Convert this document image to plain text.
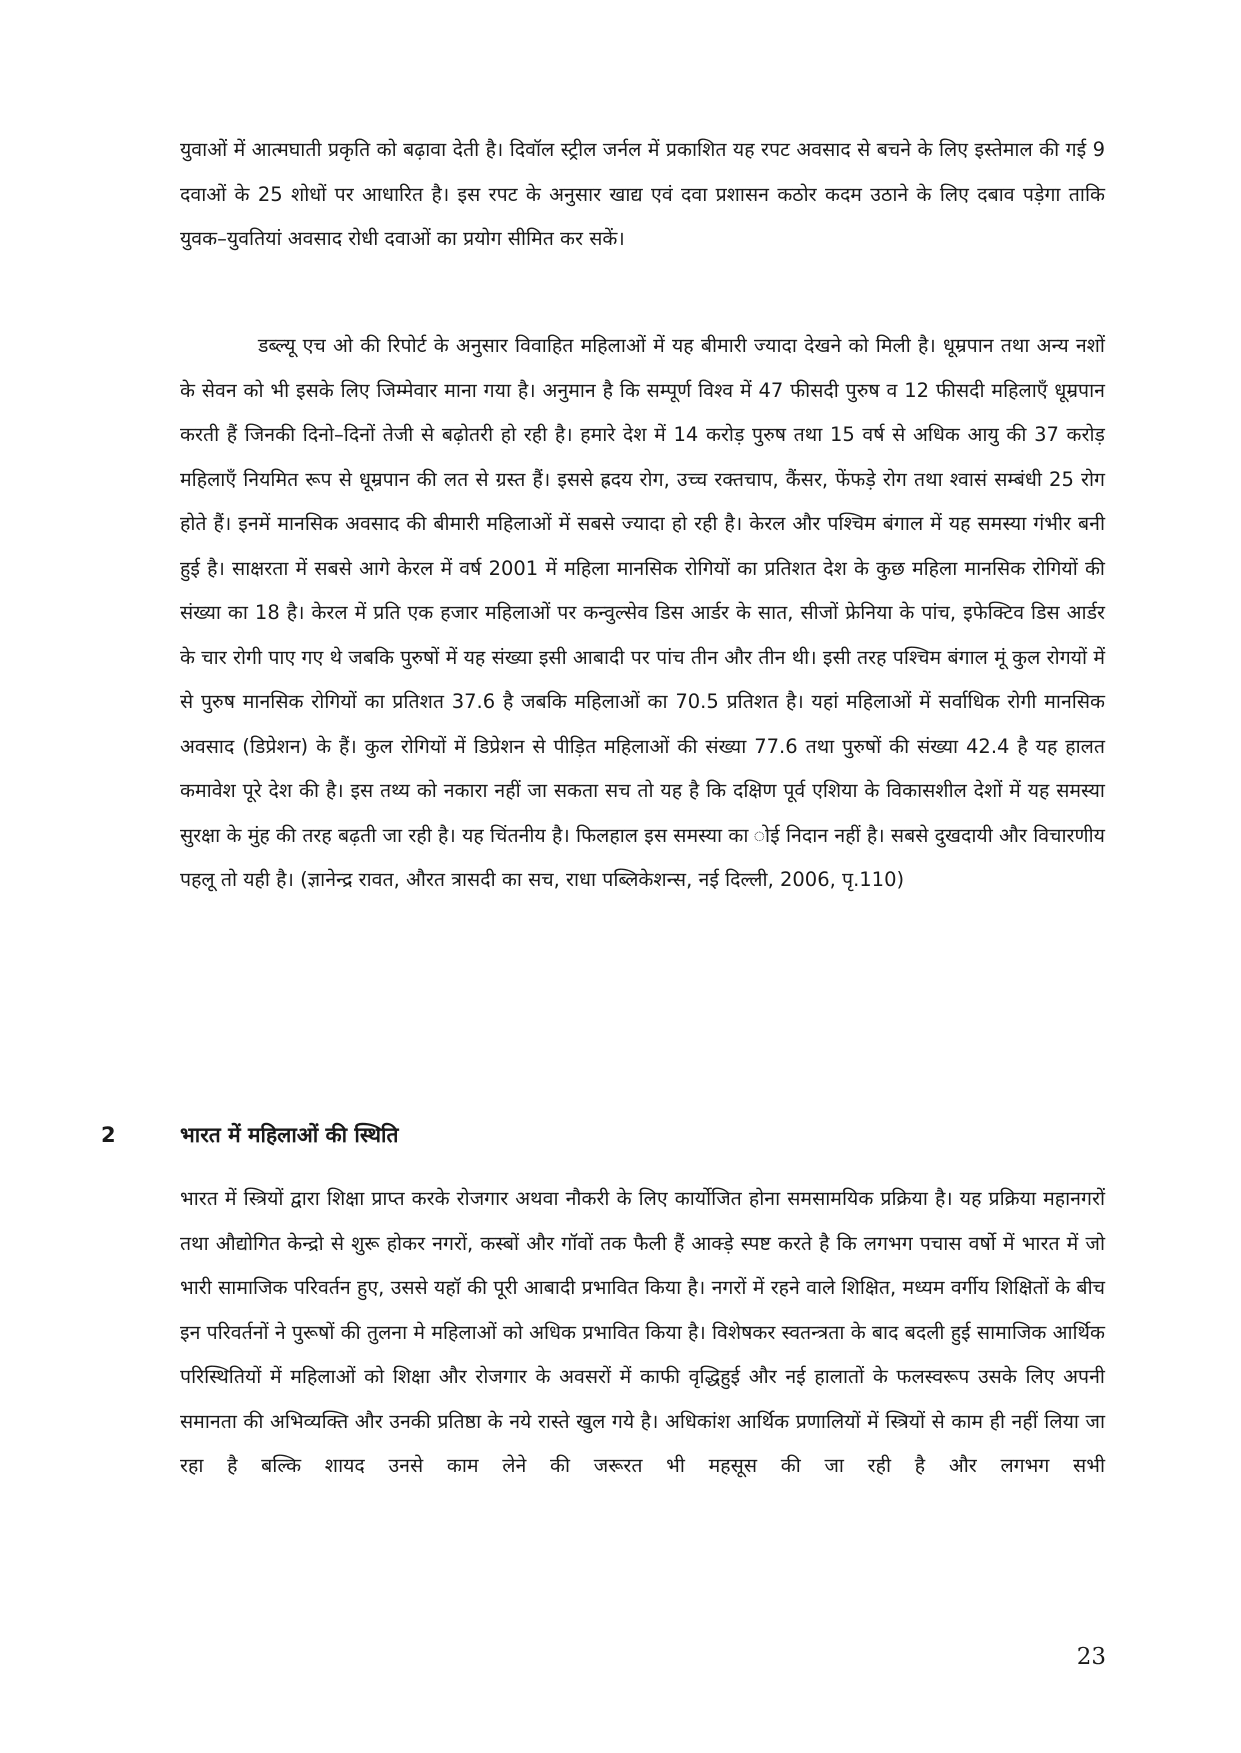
युवाओं में आत्मघाती प्रकृति को बढ़ावा देती है। दिवॉल स्ट्रील जर्नल में प्रकाशित यह रपट अवसाद से बचने के लिए इस्तेमाल की गई 9 दवाओं के 25 शोधों पर आधारित है। इस रपट के अनुसार खाद्य एवं दवा प्रशासन कठोर कदम उठाने के लिए दबाव पड़ेगा ताकि युवक–युवतियां अवसाद रोधी दवाओं का प्रयोग सीमित कर सकें।

डब्ल्यू एच ओ की रिपोर्ट के अनुसार विवाहित महिलाओं में यह बीमारी ज्यादा देखने को मिली है। धूम्रपान तथा अन्य नशों के सेवन को भी इसके लिए जिम्मेवार माना गया है। अनुमान है कि सम्पूर्ण विश्व में 47 फीसदी पुरुष व 12 फीसदी महिलाएँ धूम्रपान करती हैं जिनकी दिनो–दिनों तेजी से बढ़ोतरी हो रही है। हमारे देश में 14 करोड़ पुरुष तथा 15 वर्ष से अधिक आयु की 37 करोड़ महिलाएँ नियमित रूप से धूम्रपान की लत से ग्रस्त हैं। इससे ह्रदय रोग, उच्च रक्तचाप, कैंसर, फेंफड़े रोग तथा श्वासं सम्बंधी 25 रोग होते हैं। इनमें मानसिक अवसाद की बीमारी महिलाओं में सबसे ज्यादा हो रही है। केरल और पश्चिम बंगाल में यह समस्या गंभीर बनी हुई है। साक्षरता में सबसे आगे केरल में वर्ष 2001 में महिला मानसिक रोगियों का प्रतिशत देश के कुछ महिला मानसिक रोगियों की संख्या का 18 है। केरल में प्रति एक हजार महिलाओं पर कन्वुल्सेव डिस आर्डर के सात, सीजों फ्रेनिया के पांच, इफेक्टिव डिस आर्डर के चार रोगी पाए गए थे जबकि पुरुषों में यह संख्या इसी आबादी पर पांच तीन और तीन थी। इसी तरह पश्चिम बंगाल मूं कुल रोगयों में से पुरुष मानसिक रोगियों का प्रतिशत 37.6 है जबकि महिलाओं का 70.5 प्रतिशत है। यहां महिलाओं में सर्वाधिक रोगी मानसिक अवसाद (डिप्रेशन) के हैं। कुल रोगियों में डिप्रेशन से पीड़ित महिलाओं की संख्या 77.6 तथा पुरुषों की संख्या 42.4 है यह हालत कमावेश पूरे देश की है। इस तथ्य को नकारा नहीं जा सकता सच तो यह है कि दक्षिण पूर्व एशिया के विकासशील देशों में यह समस्या सुरक्षा के मुंह की तरह बढ़ती जा रही है। यह चिंतनीय है। फिलहाल इस समस्या का ोई निदान नहीं है। सबसे दुखदायी और विचारणीय पहलू तो यही है। (ज्ञानेन्द्र रावत, औरत त्रासदी का सच, राधा पब्लिकेशन्स, नई दिल्ली, 2006, पृ.110)

2	भारत में महिलाओं की स्थिति

भारत में स्त्रियों द्वारा शिक्षा प्राप्त करके रोजगार अथवा नौकरी के लिए कार्योजित होना समसामयिक प्रक्रिया है। यह प्रक्रिया महानगरों तथा औद्योगित केन्द्रो से शुरू होकर नगरों, कस्बों और गॉवों तक फैली हैं आक्ड़े स्पष्ट करते है कि लगभग पचास वर्षो में भारत में जो भारी सामाजिक परिवर्तन हुए, उससे यहॉ की पूरी आबादी प्रभावित किया है। नगरों में रहने वाले शिक्षित, मध्यम वर्गीय शिक्षितों के बीच इन परिवर्तनों ने पुरूषों की तुलना मे महिलाओं को अधिक प्रभावित किया है। विशेषकर स्वतन्त्रता के बाद बदली हुई सामाजिक आर्थिक परिस्थितियों में महिलाओं को शिक्षा और रोजगार के अवसरों में काफी वृद्धिहुई और नई हालातों के फलस्वरूप उसके लिए अपनी समानता की अभिव्यक्ति और उनकी प्रतिष्ठा के नये रास्ते खुल गये है। अधिकांश आर्थिक प्रणालियों में स्त्रियों से काम ही नहीं लिया जा रहा है बल्कि शायद उनसे काम लेने की जरूरत भी महसूस की जा रही है और लगभग सभी

23
